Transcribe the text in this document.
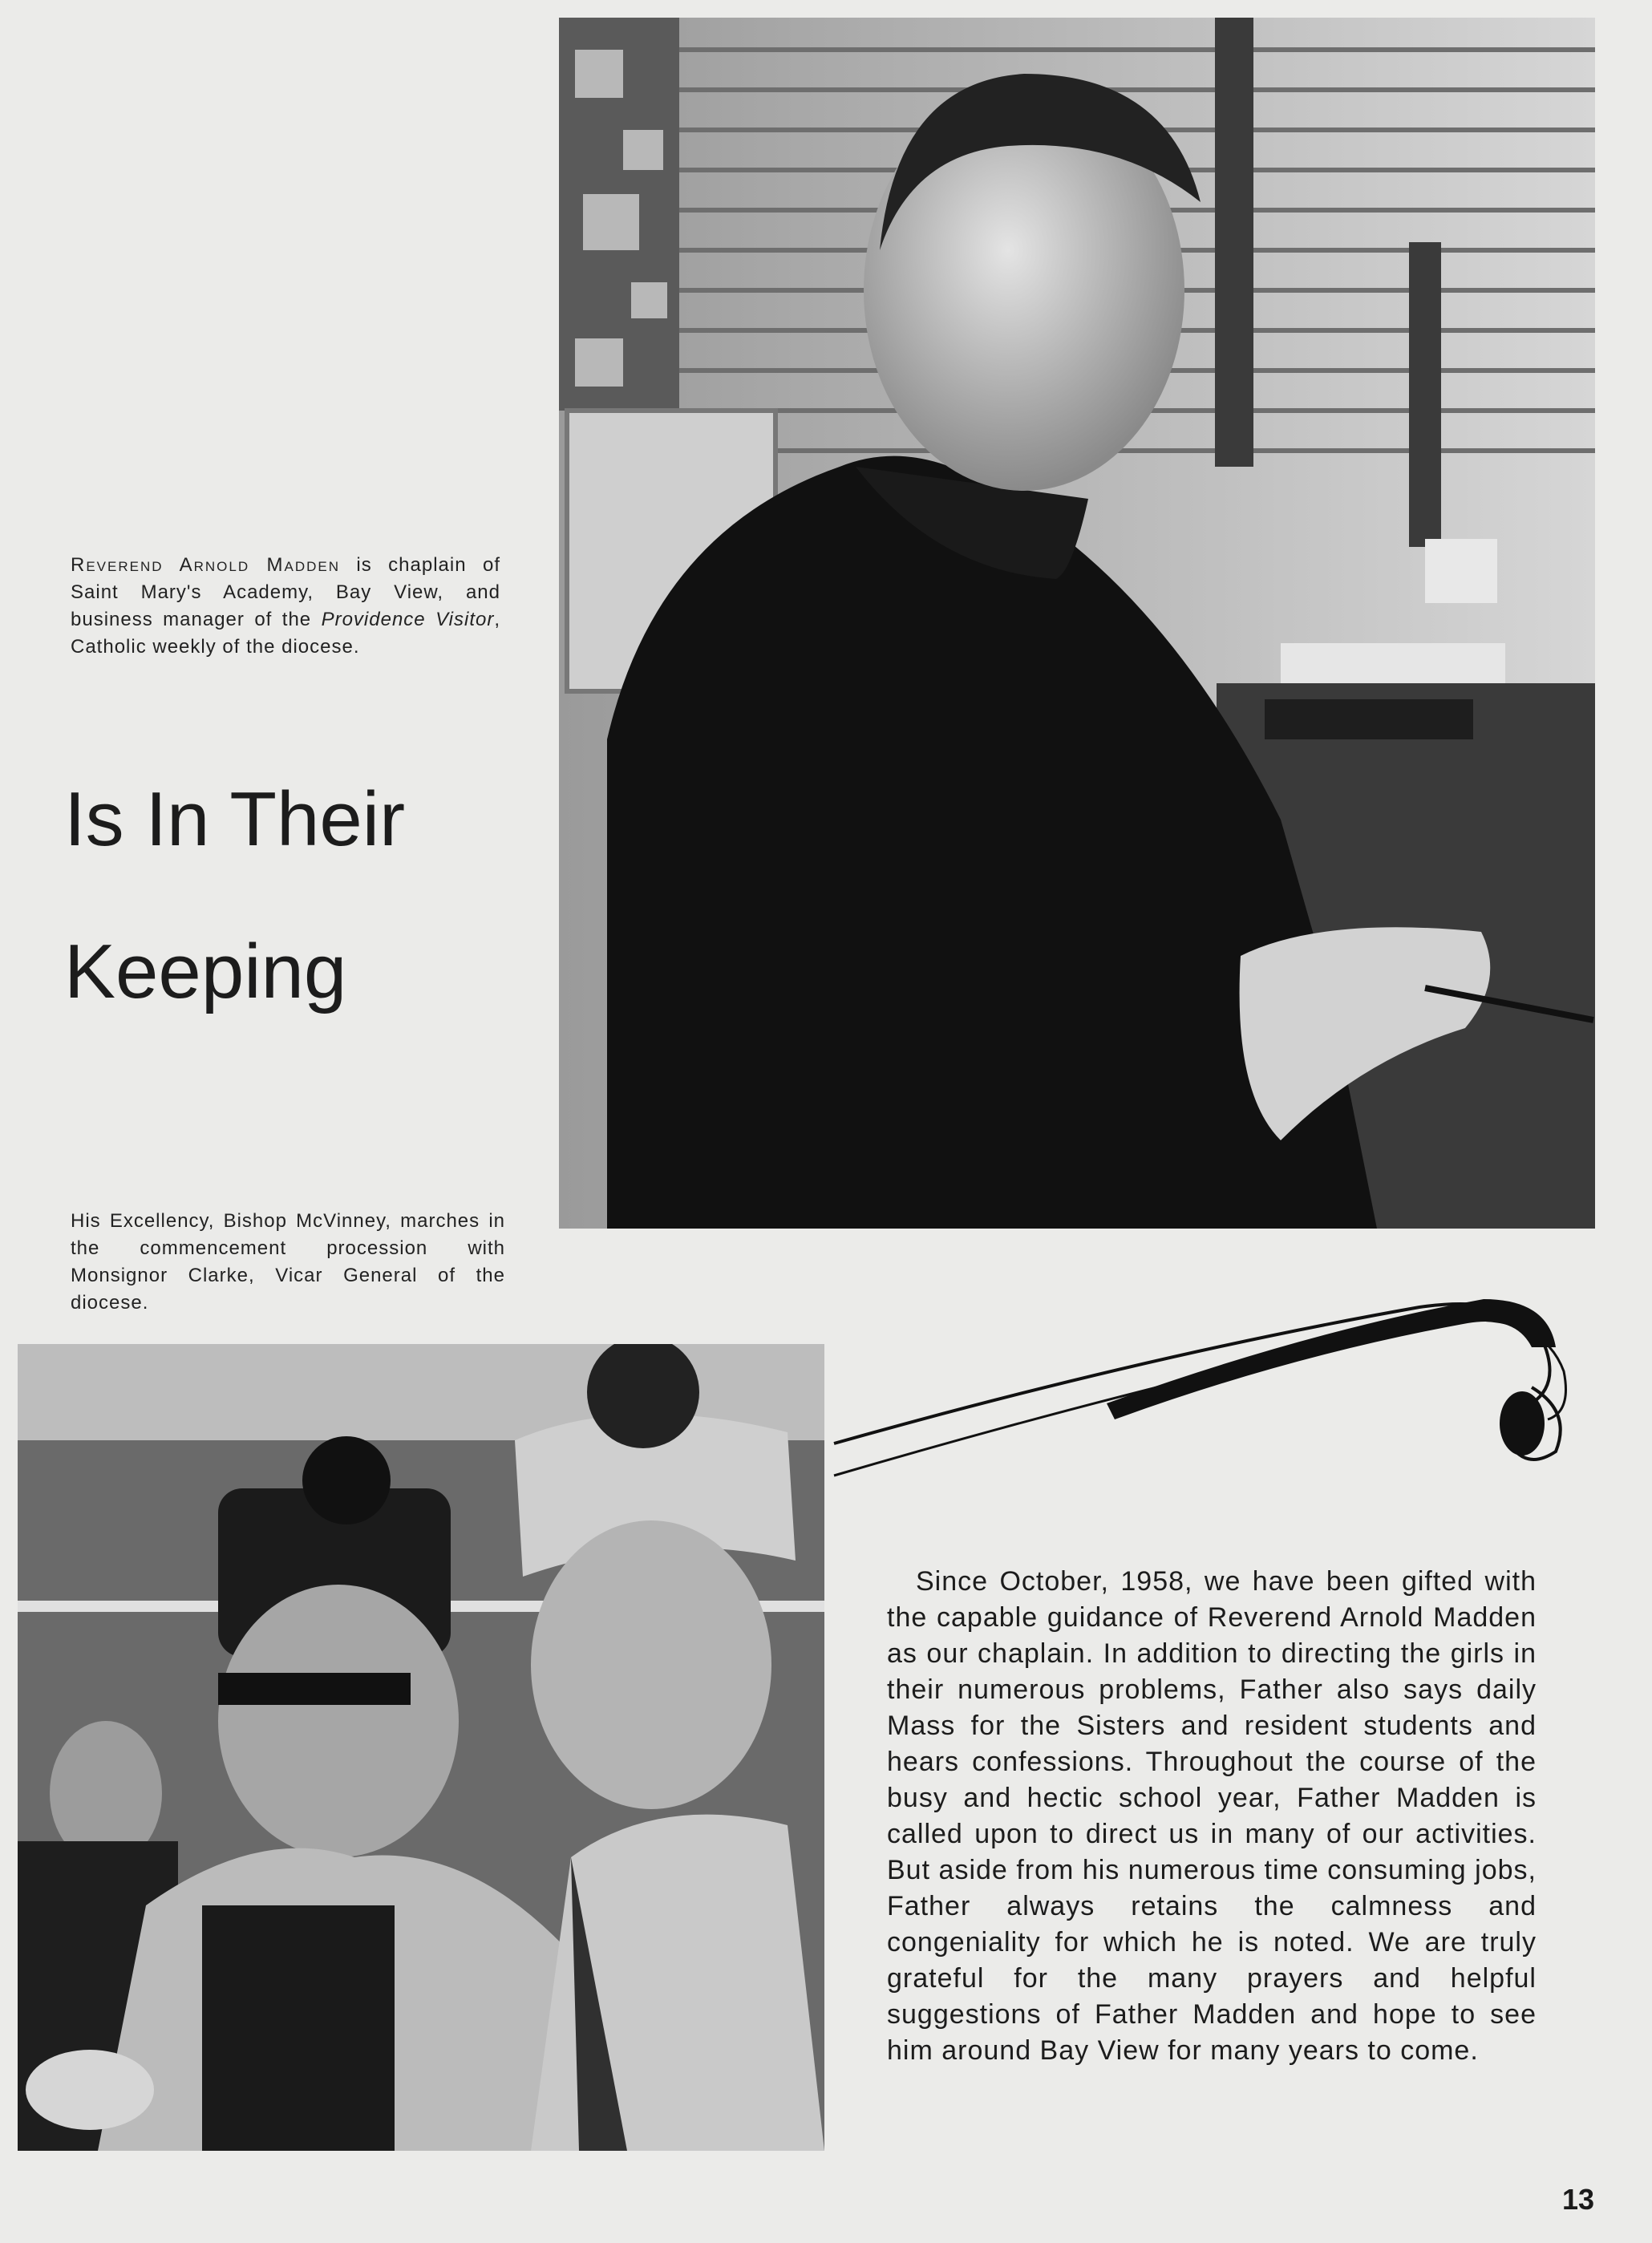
Reverend Arnold Madden is chaplain of Saint Mary's Academy, Bay View, and business manager of the Providence Visitor, Catholic weekly of the diocese.
Is In Their
Keeping
His Excellency, Bishop McVinney, marches in the commencement procession with Monsignor Clarke, Vicar General of the diocese.

Since October, 1958, we have been gifted with the capable guidance of Reverend Arnold Madden as our chaplain. In addition to directing the girls in their numerous problems, Father also says daily Mass for the Sisters and resident students and hears confessions. Throughout the course of the busy and hectic school year, Father Madden is called upon to direct us in many of our activities. But aside from his numerous time consuming jobs, Father always retains the calmness and congeniality for which he is noted. We are truly grateful for the many prayers and helpful suggestions of Father Madden and hope to see him around Bay View for many years to come.

13
